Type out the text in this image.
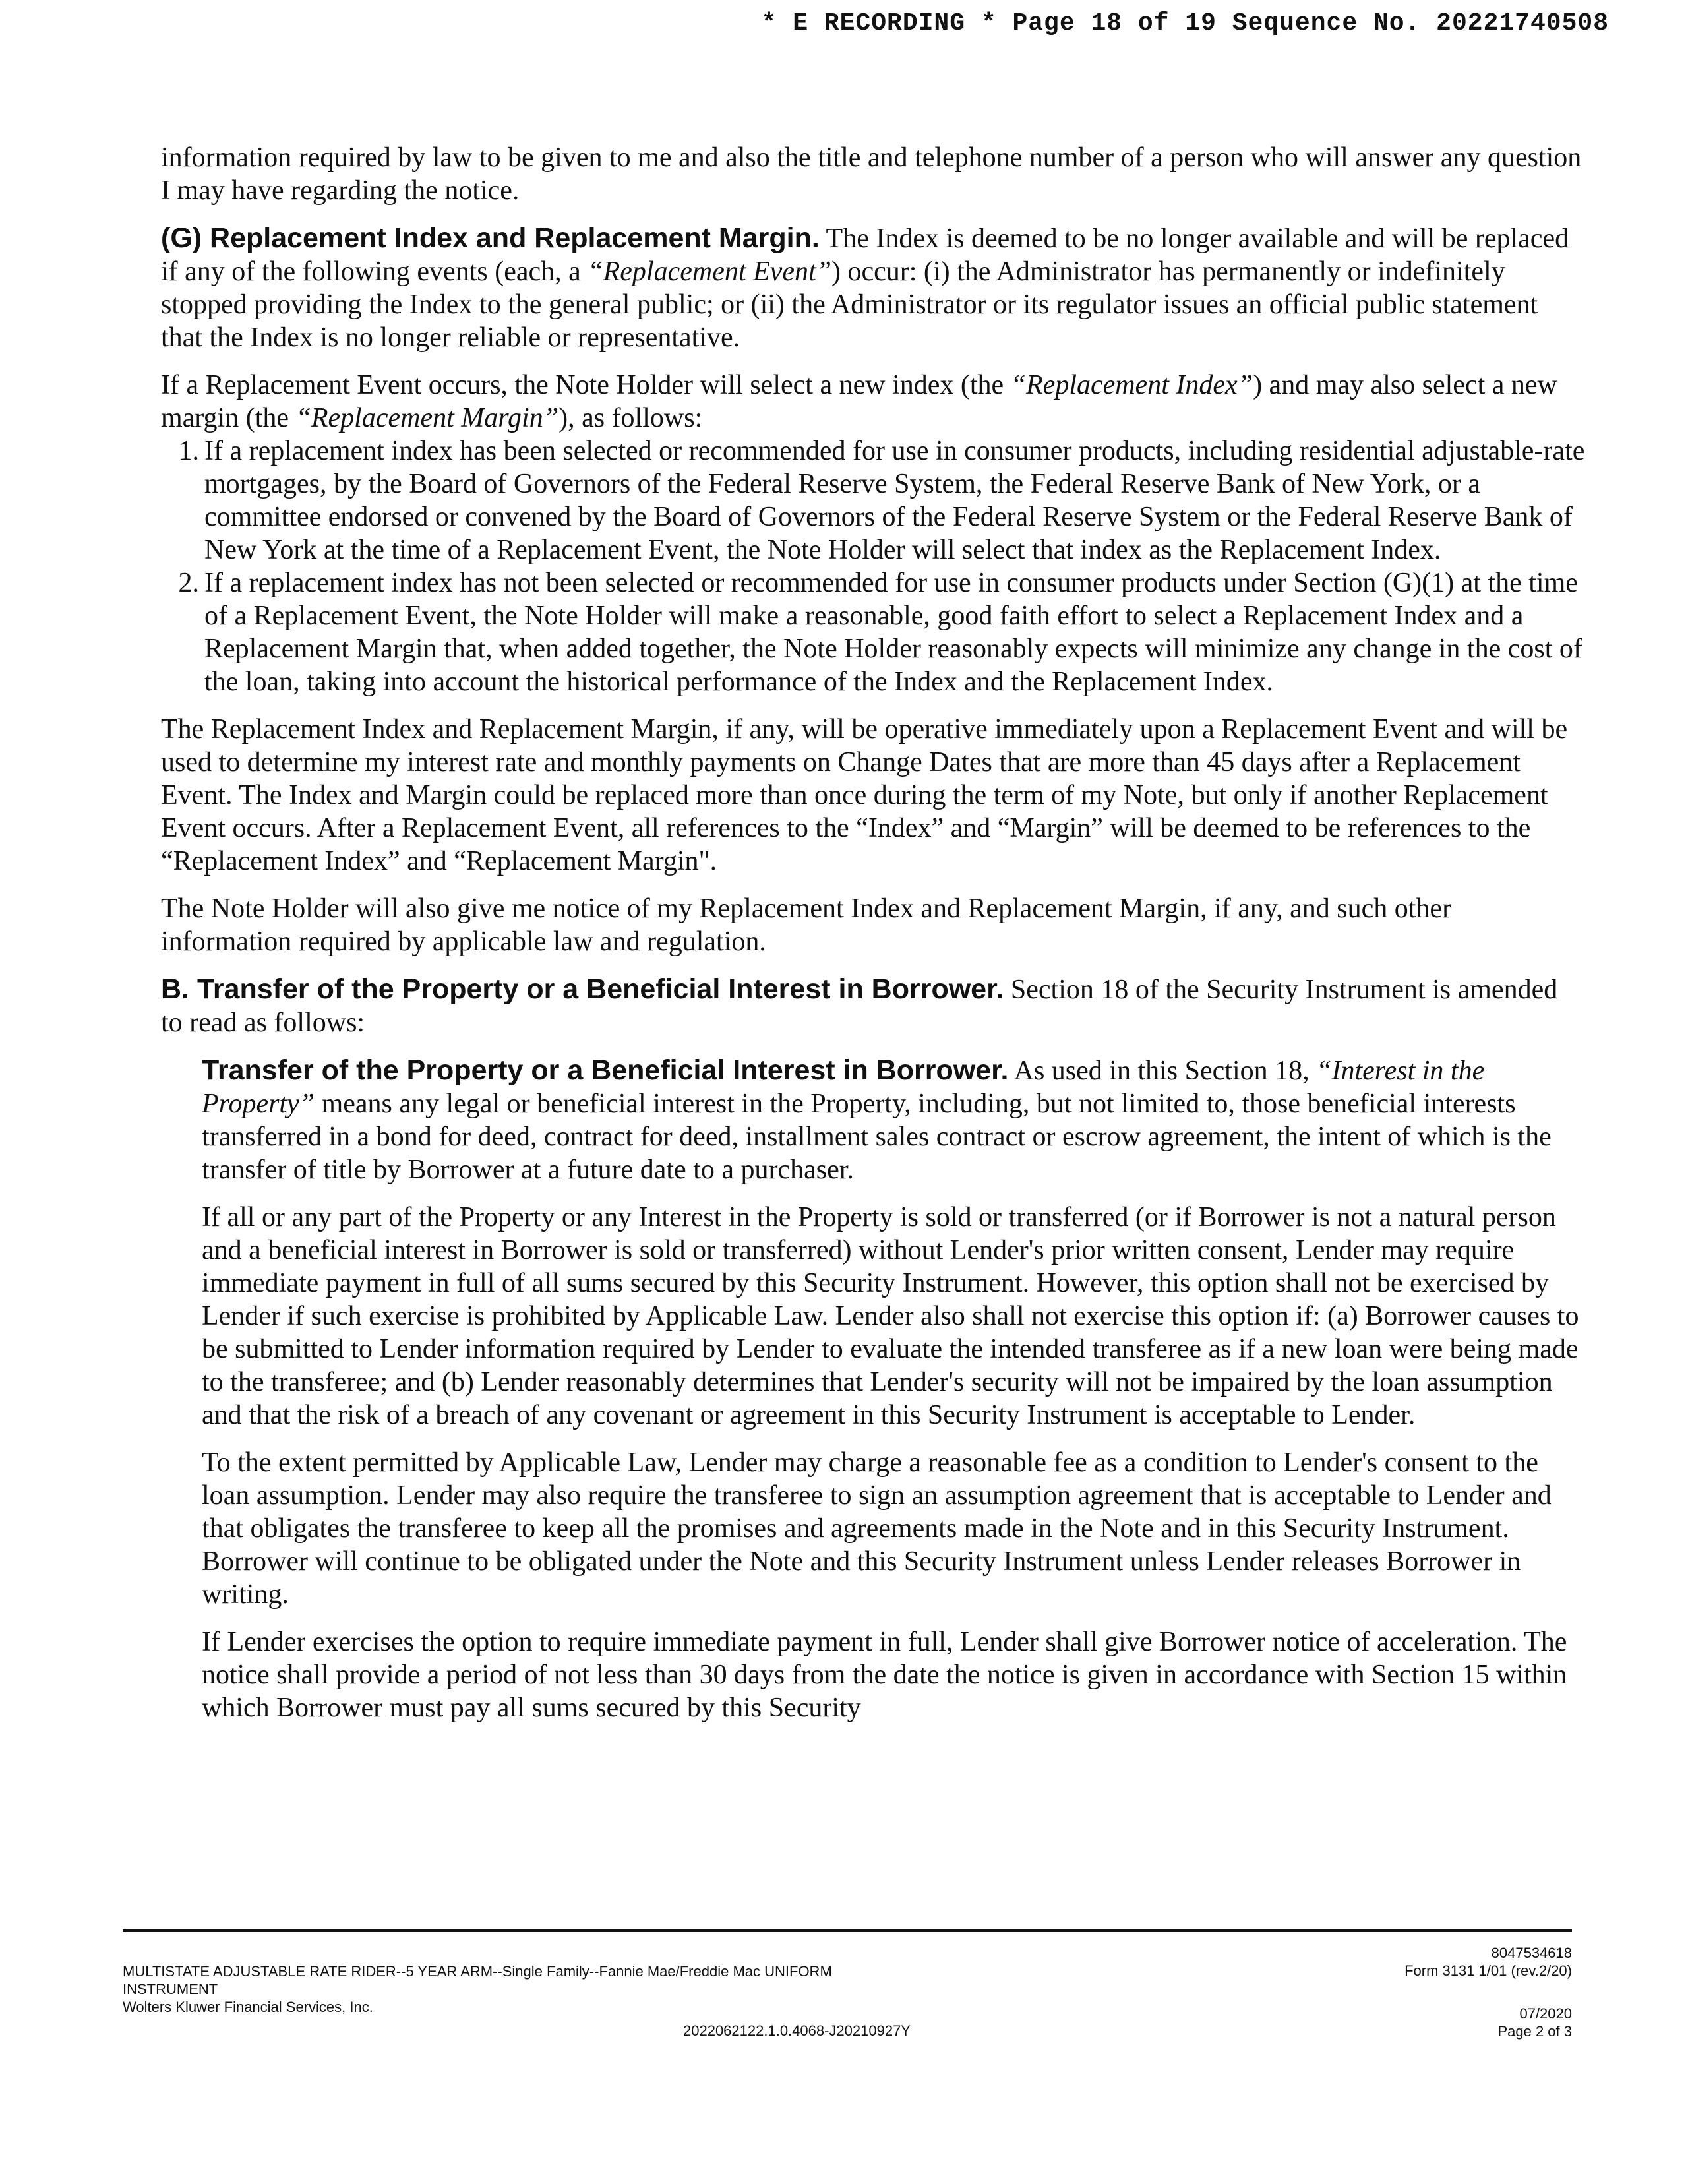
* E RECORDING * Page 18 of 19 Sequence No. 20221740508

information required by law to be given to me and also the title and telephone number of a person who will answer any question I may have regarding the notice.

(G) Replacement Index and Replacement Margin. The Index is deemed to be no longer available and will be replaced if any of the following events (each, a “Replacement Event”) occur: (i) the Administrator has permanently or indefinitely stopped providing the Index to the general public; or (ii) the Administrator or its regulator issues an official public statement that the Index is no longer reliable or representative.

If a Replacement Event occurs, the Note Holder will select a new index (the “Replacement Index”) and may also select a new margin (the “Replacement Margin”), as follows:

1. If a replacement index has been selected or recommended for use in consumer products, including residential adjustable-rate mortgages, by the Board of Governors of the Federal Reserve System, the Federal Reserve Bank of New York, or a committee endorsed or convened by the Board of Governors of the Federal Reserve System or the Federal Reserve Bank of New York at the time of a Replacement Event, the Note Holder will select that index as the Replacement Index.
2. If a replacement index has not been selected or recommended for use in consumer products under Section (G)(1) at the time of a Replacement Event, the Note Holder will make a reasonable, good faith effort to select a Replacement Index and a Replacement Margin that, when added together, the Note Holder reasonably expects will minimize any change in the cost of the loan, taking into account the historical performance of the Index and the Replacement Index.

The Replacement Index and Replacement Margin, if any, will be operative immediately upon a Replacement Event and will be used to determine my interest rate and monthly payments on Change Dates that are more than 45 days after a Replacement Event. The Index and Margin could be replaced more than once during the term of my Note, but only if another Replacement Event occurs. After a Replacement Event, all references to the “Index” and “Margin” will be deemed to be references to the “Replacement Index” and “Replacement Margin".

The Note Holder will also give me notice of my Replacement Index and Replacement Margin, if any, and such other information required by applicable law and regulation.

B. Transfer of the Property or a Beneficial Interest in Borrower. Section 18 of the Security Instrument is amended to read as follows:

Transfer of the Property or a Beneficial Interest in Borrower. As used in this Section 18, “Interest in the Property” means any legal or beneficial interest in the Property, including, but not limited to, those beneficial interests transferred in a bond for deed, contract for deed, installment sales contract or escrow agreement, the intent of which is the transfer of title by Borrower at a future date to a purchaser.

If all or any part of the Property or any Interest in the Property is sold or transferred (or if Borrower is not a natural person and a beneficial interest in Borrower is sold or transferred) without Lender's prior written consent, Lender may require immediate payment in full of all sums secured by this Security Instrument. However, this option shall not be exercised by Lender if such exercise is prohibited by Applicable Law. Lender also shall not exercise this option if: (a) Borrower causes to be submitted to Lender information required by Lender to evaluate the intended transferee as if a new loan were being made to the transferee; and (b) Lender reasonably determines that Lender's security will not be impaired by the loan assumption and that the risk of a breach of any covenant or agreement in this Security Instrument is acceptable to Lender.

To the extent permitted by Applicable Law, Lender may charge a reasonable fee as a condition to Lender's consent to the loan assumption. Lender may also require the transferee to sign an assumption agreement that is acceptable to Lender and that obligates the transferee to keep all the promises and agreements made in the Note and in this Security Instrument. Borrower will continue to be obligated under the Note and this Security Instrument unless Lender releases Borrower in writing.

If Lender exercises the option to require immediate payment in full, Lender shall give Borrower notice of acceleration. The notice shall provide a period of not less than 30 days from the date the notice is given in accordance with Section 15 within which Borrower must pay all sums secured by this Security

MULTISTATE ADJUSTABLE RATE RIDER--5 YEAR ARM--Single Family--Fannie Mae/Freddie Mac UNIFORM
INSTRUMENT
Wolters Kluwer Financial Services, Inc.
2022062122.1.0.4068-J20210927Y
8047534618
Form 3131 1/01 (rev.2/20)
07/2020
Page 2 of 3
